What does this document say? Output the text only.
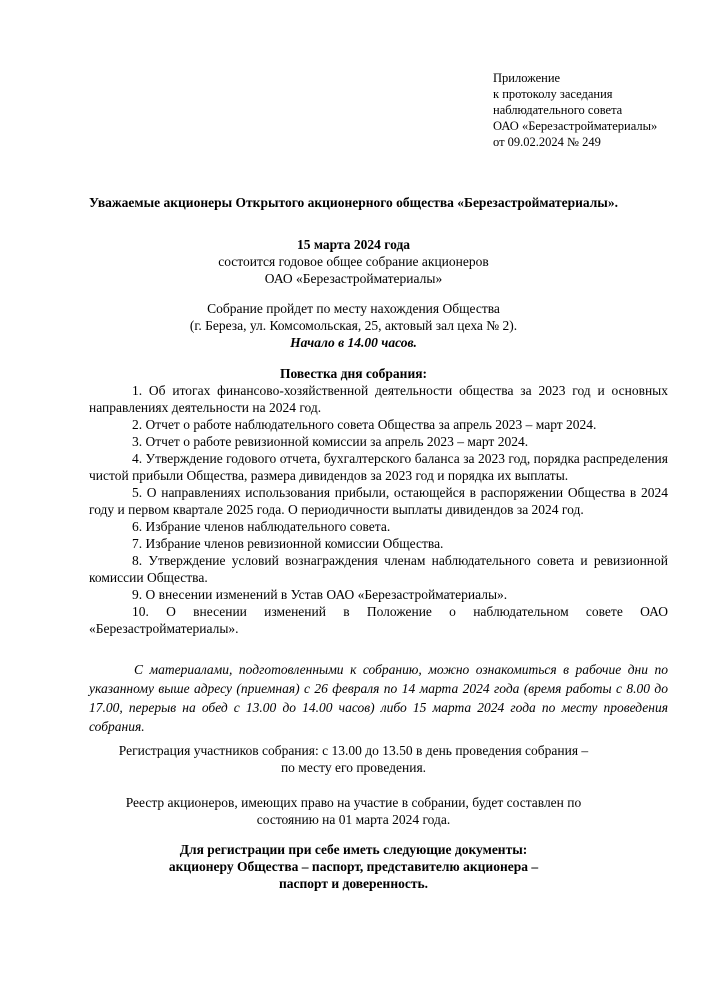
Приложение
к протоколу заседания
наблюдательного совета
ОАО «Березастройматериалы»
от 09.02.2024 № 249
Уважаемые акционеры Открытого акционерного общества «Березастройматериалы».
15 марта 2024 года
состоится годовое общее собрание акционеров
ОАО «Березастройматериалы»
Собрание пройдет по месту нахождения Общества
(г. Береза, ул. Комсомольская, 25, актовый зал цеха № 2).
Начало в 14.00 часов.
Повестка дня собрания:
1. Об итогах финансово-хозяйственной деятельности общества за 2023 год и основных направлениях деятельности на 2024 год.
2. Отчет о работе наблюдательного совета Общества за апрель 2023 – март 2024.
3. Отчет о работе ревизионной комиссии за апрель 2023 – март 2024.
4. Утверждение годового отчета, бухгалтерского баланса за 2023 год, порядка распределения чистой прибыли Общества, размера дивидендов за 2023 год и порядка их выплаты.
5. О направлениях использования прибыли, остающейся в распоряжении Общества в 2024 году и первом квартале 2025 года. О периодичности выплаты дивидендов за 2024 год.
6. Избрание членов наблюдательного совета.
7. Избрание членов ревизионной комиссии Общества.
8. Утверждение условий вознаграждения членам наблюдательного совета и ревизионной комиссии Общества.
9. О внесении изменений в Устав ОАО «Березастройматериалы».
10. О внесении изменений в Положение о наблюдательном совете ОАО «Березастройматериалы».
С материалами, подготовленными к собранию, можно ознакомиться в рабочие дни по указанному выше адресу (приемная) с 26 февраля по 14 марта 2024 года (время работы с 8.00 до 17.00, перерыв на обед с 13.00 до 14.00 часов) либо 15 марта 2024 года по месту проведения собрания.
Регистрация участников собрания: с 13.00 до 13.50 в день проведения собрания –
по месту его проведения.
Реестр акционеров, имеющих право на участие в собрании, будет составлен по
состоянию на 01 марта 2024 года.
Для регистрации при себе иметь следующие документы:
акционеру Общества – паспорт, представителю акционера –
паспорт и доверенность.
